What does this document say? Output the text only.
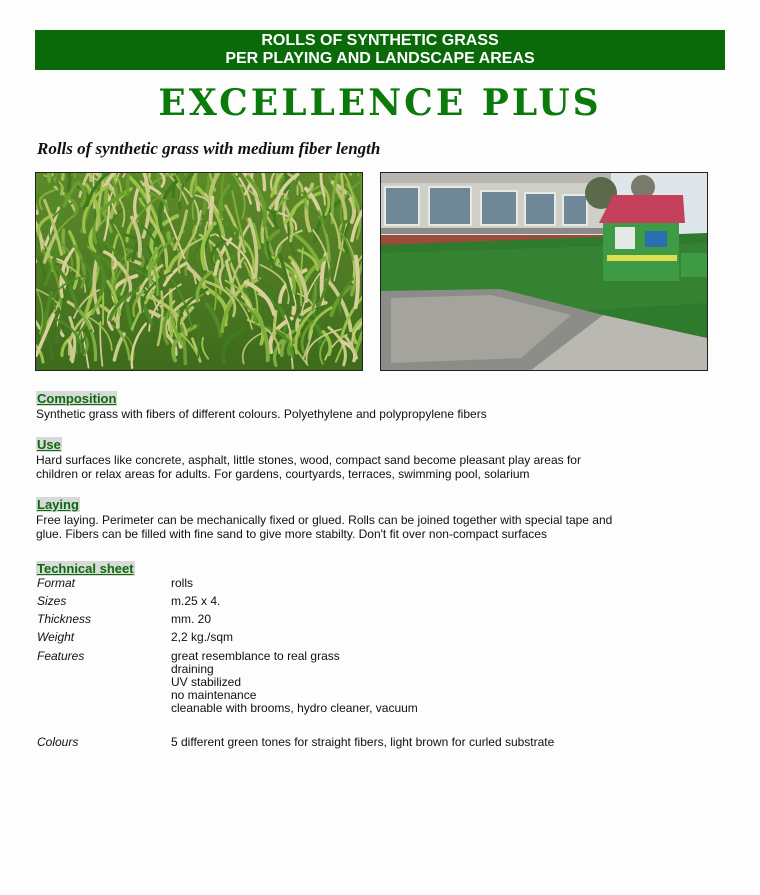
ROLLS OF SYNTHETIC GRASS
PER PLAYING AND LANDSCAPE AREAS
EXCELLENCE PLUS
Rolls of synthetic grass with medium fiber length
Composition
Synthetic grass with fibers of different colours. Polyethylene and polypropylene fibers
Use
Hard surfaces like concrete, asphalt, little stones, wood, compact sand become pleasant play areas for
children or relax areas for adults. For gardens, courtyards, terraces, swimming pool, solarium
Laying
Free laying. Perimeter can be mechanically fixed or glued. Rolls can be joined together with special tape and
glue. Fibers can be filled with fine sand to give more stabilty. Don't fit over non-compact surfaces
Technical sheet
Format	rolls
Sizes	m.25 x 4.
Thickness	mm. 20
Weight	2,2 kg./sqm
Features	great resemblance to real grass
draining
UV stabilized
no maintenance
cleanable with brooms, hydro cleaner, vacuum
Colours	5 different green tones for straight fibers, light brown for curled substrate
